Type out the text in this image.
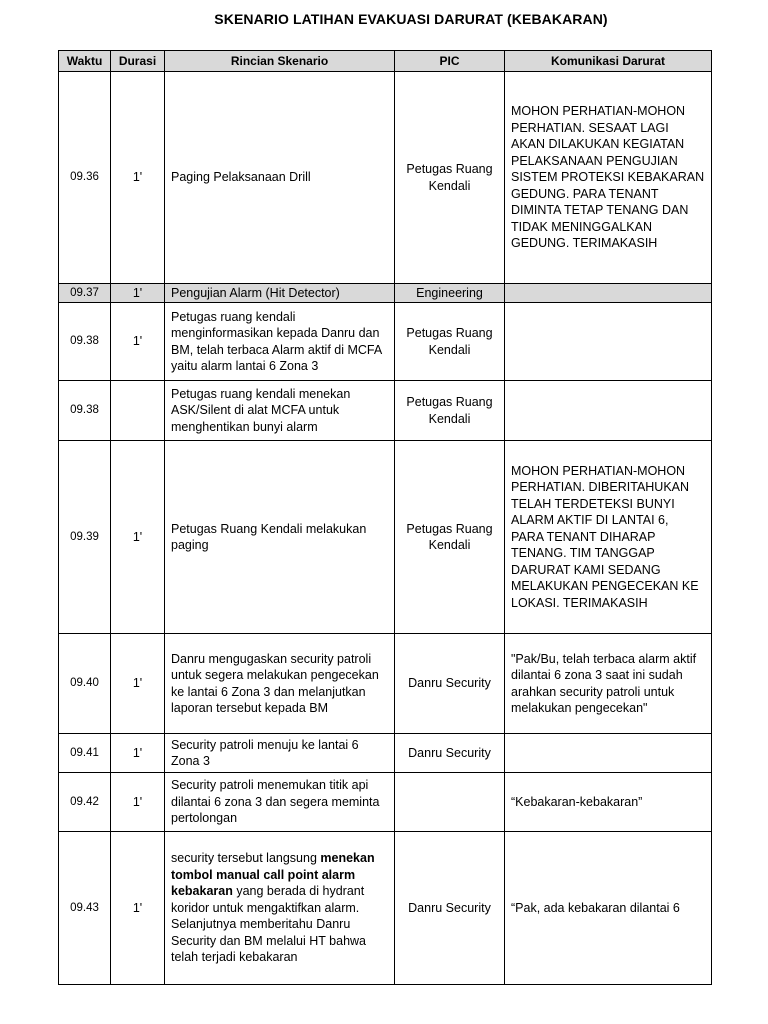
SKENARIO LATIHAN EVAKUASI DARURAT (KEBAKARAN)
Waktu	Durasi	Rincian Skenario	PIC	Komunikasi Darurat
09.36	1'	Paging Pelaksanaan Drill	Petugas Ruang Kendali	MOHON PERHATIAN-MOHON PERHATIAN. SESAAT LAGI AKAN DILAKUKAN KEGIATAN PELAKSANAAN PENGUJIAN SISTEM PROTEKSI KEBAKARAN GEDUNG. PARA TENANT DIMINTA TETAP TENANG DAN TIDAK MENINGGALKAN GEDUNG. TERIMAKASIH
09.37	1'	Pengujian Alarm (Hit Detector)	Engineering	
09.38	1'	Petugas ruang kendali menginformasikan kepada Danru dan BM, telah terbaca Alarm aktif di MCFA yaitu alarm lantai 6 Zona 3	Petugas Ruang Kendali	
09.38		Petugas ruang kendali menekan ASK/Silent di alat MCFA untuk menghentikan bunyi alarm	Petugas Ruang Kendali	
09.39	1'	Petugas Ruang Kendali melakukan paging	Petugas Ruang Kendali	MOHON PERHATIAN-MOHON PERHATIAN. DIBERITAHUKAN TELAH TERDETEKSI BUNYI ALARM AKTIF DI LANTAI 6, PARA TENANT DIHARAP TENANG. TIM TANGGAP DARURAT KAMI SEDANG MELAKUKAN PENGECEKAN KE LOKASI. TERIMAKASIH
09.40	1'	Danru mengugaskan security patroli untuk segera melakukan pengecekan ke lantai 6 Zona 3 dan melanjutkan laporan tersebut kepada BM	Danru Security	"Pak/Bu, telah terbaca alarm aktif dilantai 6 zona 3 saat ini sudah arahkan security patroli untuk melakukan pengecekan"
09.41	1'	Security patroli menuju ke lantai 6 Zona 3	Danru Security	
09.42	1'	Security patroli menemukan titik api dilantai 6 zona 3 dan segera meminta pertolongan		“Kebakaran-kebakaran”
09.43	1'	security tersebut langsung menekan tombol manual call point alarm kebakaran yang berada di hydrant koridor untuk mengaktifkan alarm. Selanjutnya memberitahu Danru Security dan BM melalui HT bahwa telah terjadi kebakaran	Danru Security	“Pak, ada kebakaran dilantai 6
